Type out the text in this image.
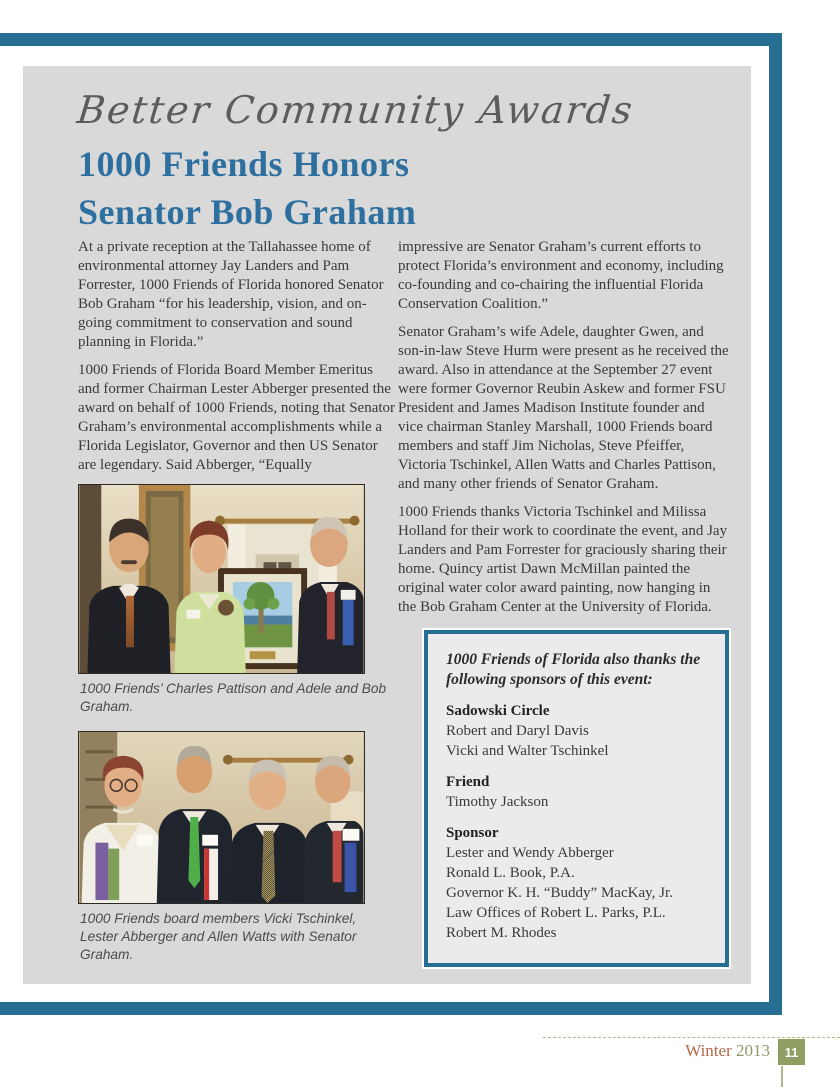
Better Community Awards
1000 Friends Honors
Senator Bob Graham

At a private reception at the Tallahassee home of environmental attorney Jay Landers and Pam Forrester, 1000 Friends of Florida honored Senator Bob Graham “for his leadership, vision, and on-going commitment to conservation and sound planning in Florida.”

1000 Friends of Florida Board Member Emeritus and former Chairman Lester Abberger presented the award on behalf of 1000 Friends, noting that Senator Graham’s environmental accomplishments while a Florida Legislator, Governor and then US Senator are legendary. Said Abberger, “Equally

1000 Friends’ Charles Pattison and Adele and Bob Graham.
1000 Friends board members Vicki Tschinkel, Lester Abberger and Allen Watts with Senator Graham.

impressive are Senator Graham’s current efforts to protect Florida’s environment and economy, including co-founding and co-chairing the influential Florida Conservation Coalition.”

Senator Graham’s wife Adele, daughter Gwen, and son-in-law Steve Hurm were present as he received the award. Also in attendance at the September 27 event were former Governor Reubin Askew and former FSU President and James Madison Institute founder and vice chairman Stanley Marshall, 1000 Friends board members and staff Jim Nicholas, Steve Pfeiffer, Victoria Tschinkel, Allen Watts and Charles Pattison, and many other friends of Senator Graham.

1000 Friends thanks Victoria Tschinkel and Milissa Holland for their work to coordinate the event, and Jay Landers and Pam Forrester for graciously sharing their home. Quincy artist Dawn McMillan painted the original water color award painting, now hanging in the Bob Graham Center at the University of Florida.

1000 Friends of Florida also thanks the following sponsors of this event:
Sadowski Circle
Robert and Daryl Davis
Vicki and Walter Tschinkel
Friend
Timothy Jackson
Sponsor
Lester and Wendy Abberger
Ronald L. Book, P.A.
Governor K. H. “Buddy” MacKay, Jr.
Law Offices of Robert L. Parks, P.L.
Robert M. Rhodes
Winter 2013	11
